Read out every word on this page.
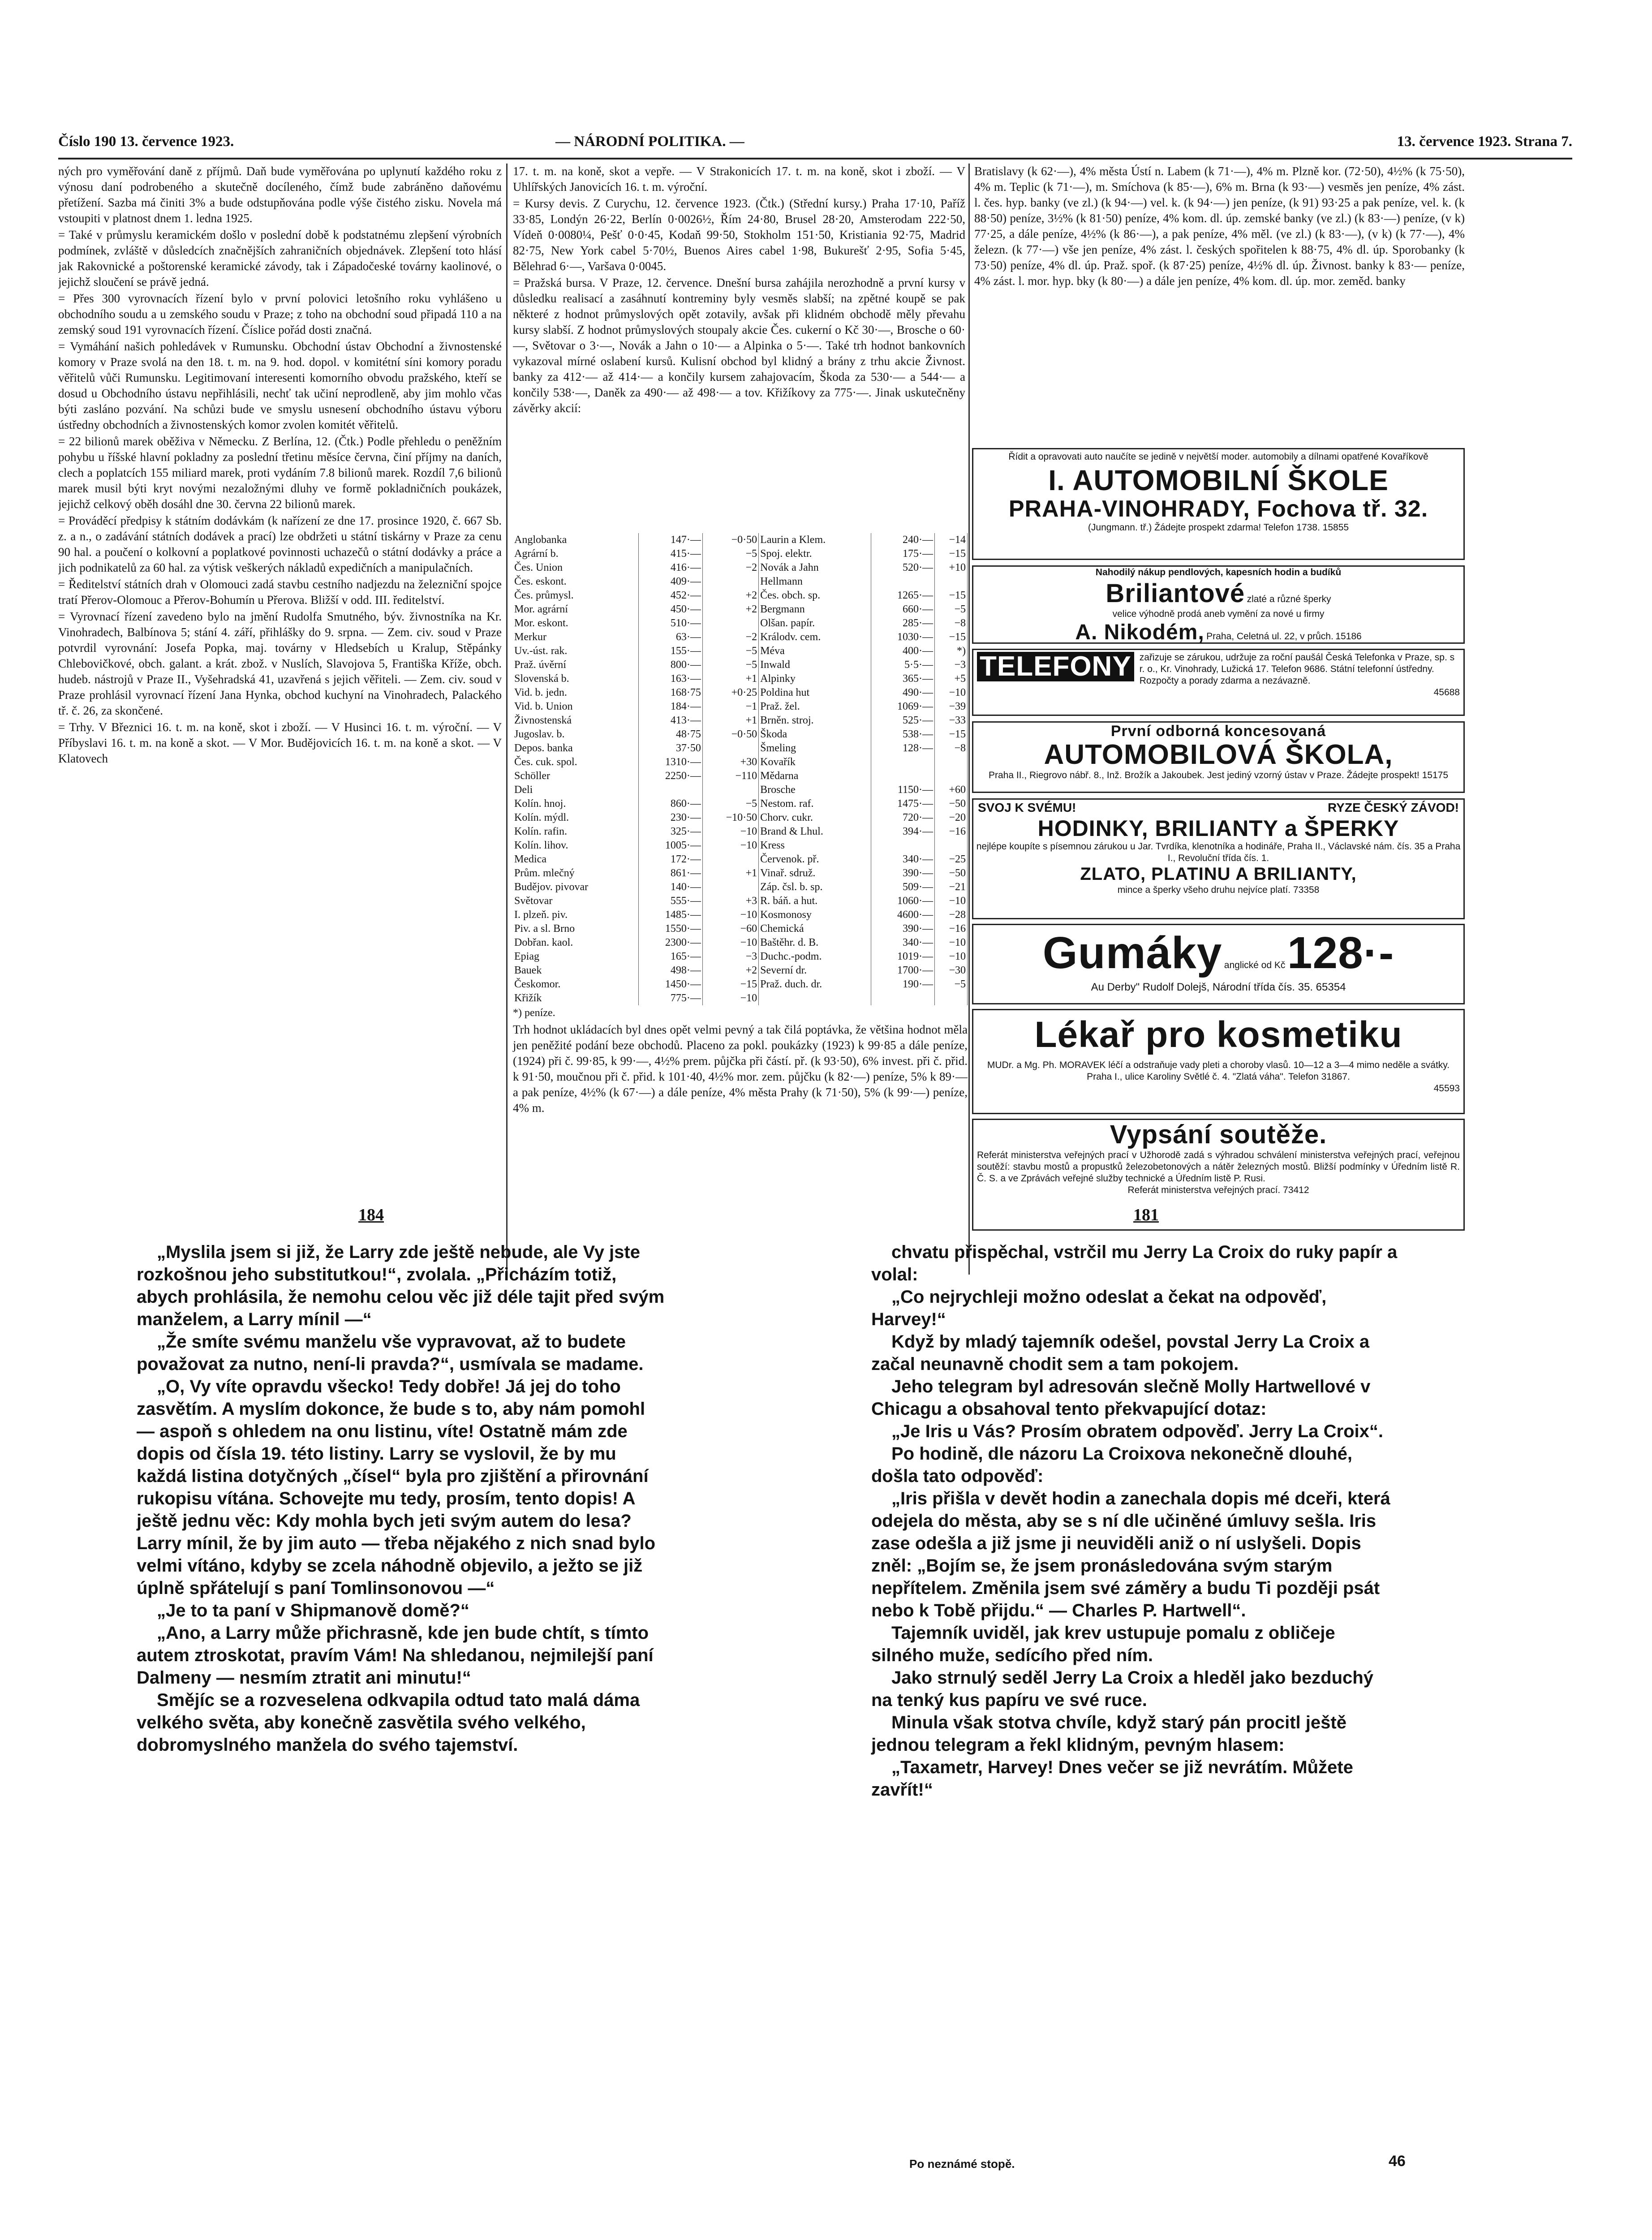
Číslo 190 13. července 1923.	— NÁRODNÍ POLITIKA. —	13. července 1923. Strana 7.

ných pro vyměřování daně z příjmů. Daň bude vyměřována po uplynutí každého roku z výnosu daní podrobeného a skutečně docíleného, čímž bude zabráněno daňovému přetížení. Sazba má činiti 3% a bude odstupňována podle výše čistého zisku. Novela má vstoupiti v platnost dnem 1. ledna 1925.

= Také v průmyslu keramickém došlo v poslední době k podstatnému zlepšení výrobních podmínek, zvláště v důsledcích značnějších zahraničních objednávek. Zlepšení toto hlásí jak Rakovnické a poštorenské keramické závody, tak i Západočeské továrny kaolinové, o jejichž sloučení se právě jedná.

= Přes 300 vyrovnacích řízení bylo v první polovici letošního roku vyhlášeno u obchodního soudu a u zemského soudu v Praze; z toho na obchodní soud připadá 110 a na zemský soud 191 vyrovnacích řízení. Číslice pořád dosti značná.

= Vymáhání našich pohledávek v Rumunsku. Obchodní ústav Obchodní a živnostenské komory v Praze svolá na den 18. t. m. na 9. hod. dopol. v komitétní síni komory poradu věřitelů vůči Rumunsku. Legitimovaní interesenti komorního obvodu pražského, kteří se dosud u Obchodního ústavu nepřihlásili, nechť tak učiní neprodleně, aby jim mohlo včas býti zasláno pozvání. Na schůzi bude ve smyslu usnesení obchodního ústavu výboru ústředny obchodních a živnostenských komor zvolen komitét věřitelů.

= 22 bilionů marek oběživa v Německu. Z Berlína, 12. (Čtk.) Podle přehledu o peněžním pohybu u říšské hlavní pokladny za poslední třetinu měsíce června, činí příjmy na daních, clech a poplatcích 155 miliard marek, proti vydáním 7.8 bilionů marek. Rozdíl 7,6 bilionů marek musil býti kryt novými nezaložnými dluhy ve formě pokladničních poukázek, jejichž celkový oběh dosáhl dne 30. června 22 bilionů marek.

= Prováděcí předpisy k státním dodávkám (k nařízení ze dne 17. prosince 1920, č. 667 Sb. z. a n., o zadávání státních dodávek a prací) lze obdržeti u státní tiskárny v Praze za cenu 90 hal. a poučení o kolkovní a poplatkové povinnosti uchazečů o státní dodávky a práce a jich podnikatelů za 60 hal. za výtisk veškerých nákladů expedičních a manipulačních.

= Ředitelství státních drah v Olomouci zadá stavbu cestního nadjezdu na železniční spojce tratí Přerov-Olomouc a Přerov-Bohumín u Přerova. Bližší v odd. III. ředitelství.

= Vyrovnací řízení zavedeno bylo na jmění Rudolfa Smutného, býv. živnostníka na Kr. Vinohradech, Balbínova 5; stání 4. září, přihlášky do 9. srpna. — Zem. civ. soud v Praze potvrdil vyrovnání: Josefa Popka, maj. továrny v Hledsebích u Kralup, Stěpánky Chlebovičkové, obch. galant. a krát. zbož. v Nuslích, Slavojova 5, Františka Kříže, obch. hudeb. nástrojů v Praze II., Vyšehradská 41, uzavřená s jejich věřiteli. — Zem. civ. soud v Praze prohlásil vyrovnací řízení Jana Hynka, obchod kuchyní na Vinohradech, Palackého tř. č. 26, za skončené.

= Trhy. V Březnici 16. t. m. na koně, skot i zboží. — V Husinci 16. t. m. výroční. — V Příbyslavi 16. t. m. na koně a skot. — V Mor. Budějovicích 16. t. m. na koně a skot. — V Klatovech

17. t. m. na koně, skot a vepře. — V Strakonicích 17. t. m. na koně, skot i zboží. — V Uhlířských Janovicích 16. t. m. výroční.

= Kursy devis. Z Curychu, 12. července 1923. (Čtk.) (Střední kursy.) Praha 17·10, Paříž 33·85, Londýn 26·22, Berlín 0·0026½, Řím 24·80, Brusel 28·20, Amsterodam 222·50, Vídeň 0·0080¼, Pešť 0·0·45, Kodaň 99·50, Stokholm 151·50, Kristiania 92·75, Madrid 82·75, New York cabel 5·70½, Buenos Aires cabel 1·98, Bukurešť 2·95, Sofia 5·45, Bělehrad 6·—, Varšava 0·0045.

= Pražská bursa. V Praze, 12. července. Dnešní bursa zahájila nerozhodně a první kursy v důsledku realisací a zasáhnutí kontreminy byly vesměs slabší; na zpětné koupě se pak některé z hodnot průmyslových opět zotavily, avšak při klidném obchodě měly převahu kursy slabší. Z hodnot průmyslových stoupaly akcie Čes. cukerní o Kč 30·—, Brosche o 60·—, Světovar o 3·—, Novák a Jahn o 10·— a Alpinka o 5·—. Také trh hodnot bankovních vykazoval mírné oslabení kursů. Kulisní obchod byl klidný a brány z trhu akcie Živnost. banky za 412·— až 414·— a končily kursem zahajovacím, Škoda za 530·— a 544·— a končily 538·—, Daněk za 490·— až 498·— a tov. Křižíkovy za 775·—. Jinak uskutečněny závěrky akcií:

Anglobanka	147·—	−0·50	Laurin a Klem.	240·—	−14
Agrární b.	415·—	−5	Spoj. elektr.	175·—	−15
Čes. Union	416·—	−2	Novák a Jahn	520·—	+10
Čes. eskont.	409·—		Hellmann		
Čes. průmysl.	452·—	+2	Čes. obch. sp.	1265·—	−15
Mor. agrární	450·—	+2	Bergmann	660·—	−5
Mor. eskont.	510·—		Olšan. papír.	285·—	−8
Merkur	63·—	−2	Králodv. cem.	1030·—	−15
Uv.-úst. rak.	155·—	−5	Méva	400·—	*)
Praž. úvěrní	800·—	−5	Inwald	5·5·—	−3
Slovenská b.	163·—	+1	Alpinky	365·—	+5
Vid. b. jedn.	168·75	+0·25	Poldina hut	490·—	−10
Vid. b. Union	184·—	−1	Praž. žel.	1069·—	−39
Živnostenská	413·—	+1	Brněn. stroj.	525·—	−33
Jugoslav. b.	48·75	−0·50	Škoda	538·—	−15
Depos. banka	37·50		Šmeling	128·—	−8
Čes. cuk. spol.	1310·—	+30	Kovařík		
Schöller	2250·—	−110	Mědarna		
Deli			Brosche	1150·—	+60
Kolín. hnoj.	860·—	−5	Nestom. raf.	1475·—	−50
Kolín. mýdl.	230·—	−10·50	Chorv. cukr.	720·—	−20
Kolín. rafin.	325·—	−10	Brand & Lhul.	394·—	−16
Kolín. lihov.	1005·—	−10	Kress		
Medica	172·—		Červenok. př.	340·—	−25
Prům. mlečný	861·—	+1	Vinař. sdruž.	390·—	−50
Budějov. pivovar	140·—		Záp. čsl. b. sp.	509·—	−21
Světovar	555·—	+3	R. báň. a hut.	1060·—	−10
I. plzeň. piv.	1485·—	−10	Kosmonosy	4600·—	−28
Piv. a sl. Brno	1550·—	−60	Chemická	390·—	−16
Dobřan. kaol.	2300·—	−10	Baštěhr. d. B.	340·—	−10
Epiag	165·—	−3	Duchc.-podm.	1019·—	−10
Bauek	498·—	+2	Severní dr.	1700·—	−30
Českomor.	1450·—	−15	Praž. duch. dr.	190·—	−5
Křižík	775·—	−10			
*) peníze.
Trh hodnot ukládacích byl dnes opět velmi pevný a tak čilá poptávka, že většina hodnot měla jen peněžité podání beze obchodů. Placeno za pokl. poukázky (1923) k 99·85 a dále peníze, (1924) při č. 99·85, k 99·—, 4½% prem. půjčka při částí. př. (k 93·50), 6% invest. při č. přid. k 91·50, moučnou při č. přid. k 101·40, 4½% mor. zem. půjčku (k 82·—) peníze, 5% k 89·— a pak peníze, 4½% (k 67·—) a dále peníze, 4% města Prahy (k 71·50), 5% (k 99·—) peníze, 4% m.
Bratislavy (k 62·—), 4% města Ústí n. Labem (k 71·—), 4% m. Plzně kor. (72·50), 4½% (k 75·50), 4% m. Teplic (k 71·—), m. Smíchova (k 85·—), 6% m. Brna (k 93·—) vesměs jen peníze, 4% zást. l. čes. hyp. banky (ve zl.) (k 94·—) vel. k. (k 94·—) jen peníze, (k 91) 93·25 a pak peníze, vel. k. (k 88·50) peníze, 3½% (k 81·50) peníze, 4% kom. dl. úp. zemské banky (ve zl.) (k 83·—) peníze, (v k) 77·25, a dále peníze, 4½% (k 86·—), a pak peníze, 4% měl. (ve zl.) (k 83·—), (v k) (k 77·—), 4% železn. (k 77·—) vše jen peníze, 4% zást. l. českých spořitelen k 88·75, 4% dl. úp. Sporobanky (k 73·50) peníze, 4% dl. úp. Praž. spoř. (k 87·25) peníze, 4½% dl. úp. Živnost. banky k 83·— peníze, 4% zást. l. mor. hyp. bky (k 80·—) a dále jen peníze, 4% kom. dl. úp. mor. zeměd. banky
Řídit a opravovati auto naučíte se jedině v největší moder. automobily a dílnami opatřené Kovaříkově
I. AUTOMOBILNÍ ŠKOLE
PRAHA-VINOHRADY, Fochova tř. 32.
(Jungmann. tř.) Žádejte prospekt zdarma! Telefon 1738. 15855
Nahodilý nákup pendlových, kapesních hodin a budíků
Briliantové zlaté a různé šperky
velice výhodně prodá aneb vymění za nové u firmy
A. Nikodém, Praha, Celetná ul. 22, v průch. 15186
TELEFONY zařizuje se zárukou, udržuje za roční paušál Česká Telefonka v Praze, sp. s r. o., Kr. Vinohrady, Lužická 17. Telefon 9686. Státní telefonní ústředny. Rozpočty a porady zdarma a nezávazně.
45688
První odborná koncesovaná
AUTOMOBILOVÁ ŠKOLA,
Praha II., Riegrovo nábř. 8., Inž. Brožík a Jakoubek. Jest jediný vzorný ústav v Praze. Žádejte prospekt! 15175
SVOJ K SVÉMU!	RYZE ČESKÝ ZÁVOD!
HODINKY, BRILIANTY a ŠPERKY
nejlépe koupíte s písemnou zárukou u Jar. Tvrdíka, klenotníka a hodináře, Praha II., Václavské nám. čís. 35 a Praha I., Revoluční třída čís. 1.
ZLATO, PLATINU A BRILIANTY,
mince a šperky všeho druhu nejvíce platí. 73358
Gumáky anglické od Kč 128·-
Au Derby" Rudolf Dolejš, Národní třída čís. 35. 65354
Lékař pro kosmetiku
MUDr. a Mg. Ph. MORAVEK léčí a odstraňuje vady pleti a choroby vlasů. 10—12 a 3—4 mimo neděle a svátky. Praha I., ulice Karoliny Světlé č. 4. "Zlatá váha". Telefon 31867.
45593
Vypsání soutěže.
Referát ministerstva veřejných prací v Užhorodě zadá s výhradou schválení ministerstva veřejných prací, veřejnou soutěží: stavbu mostů a propustků železobetonových a nátěr železných mostů. Bližší podmínky v Úředním listě R. Č. S. a ve Zprávách veřejné služby technické a Úředním listě P. Rusi.
Referát ministerstva veřejných prací. 73412
184	181

„Myslila jsem si již, že Larry zde ještě nebude, ale Vy jste rozkošnou jeho substitutkou!“, zvolala. „Přicházím totiž, abych prohlásila, že nemohu celou věc již déle tajit před svým manželem, a Larry mínil —“

„Že smíte svému manželu vše vypravovat, až to budete považovat za nutno, není-li pravda?“, usmívala se madame.

„O, Vy víte opravdu všecko! Tedy dobře! Já jej do toho zasvětím. A myslím dokonce, že bude s to, aby nám pomohl — aspoň s ohledem na onu listinu, víte! Ostatně mám zde dopis od čísla 19. této listiny. Larry se vyslovil, že by mu každá listina dotyčných „čísel“ byla pro zjištění a přirovnání rukopisu vítána. Schovejte mu tedy, prosím, tento dopis! A ještě jednu věc: Kdy mohla bych jeti svým autem do lesa? Larry mínil, že by jim auto — třeba nějakého z nich snad bylo velmi vítáno, kdyby se zcela náhodně objevilo, a ježto se již úplně spřátelují s paní Tomlinsonovou —“

„Je to ta paní v Shipmanově domě?“

„Ano, a Larry může přichrasně, kde jen bude chtít, s tímto autem ztroskotat, pravím Vám! Na shledanou, nejmilejší paní Dalmeny — nesmím ztratit ani minutu!“

Smějíc se a rozveselena odkvapila odtud tato malá dáma velkého světa, aby konečně zasvětila svého velkého, dobromyslného manžela do svého tajemství.

chvatu přispěchal, vstrčil mu Jerry La Croix do ruky papír a volal:

„Co nejrychleji možno odeslat a čekat na odpověď, Harvey!“

Když by mladý tajemník odešel, povstal Jerry La Croix a začal neunavně chodit sem a tam pokojem.

Jeho telegram byl adresován slečně Molly Hartwellové v Chicagu a obsahoval tento překvapující dotaz:

„Je Iris u Vás? Prosím obratem odpověď. Jerry La Croix“.

Po hodině, dle názoru La Croixova nekonečně dlouhé, došla tato odpověď:

„Iris přišla v devět hodin a zanechala dopis mé dceři, která odejela do města, aby se s ní dle učiněné úmluvy sešla. Iris zase odešla a již jsme ji neuviděli aniž o ní uslyšeli. Dopis zněl: „Bojím se, že jsem pronásledována svým starým nepřítelem. Změnila jsem své záměry a budu Ti později psát nebo k Tobě přijdu.“ — Charles P. Hartwell“.

Tajemník uviděl, jak krev ustupuje pomalu z obličeje silného muže, sedícího před ním.

Jako strnulý seděl Jerry La Croix a hleděl jako bezduchý na tenký kus papíru ve své ruce.

Minula však stotva chvíle, když starý pán procitl ještě jednou telegram a řekl klidným, pevným hlasem:

„Taxametr, Harvey! Dnes večer se již nevrátím. Můžete zavřít!“

Po neznámé stopě.	46
